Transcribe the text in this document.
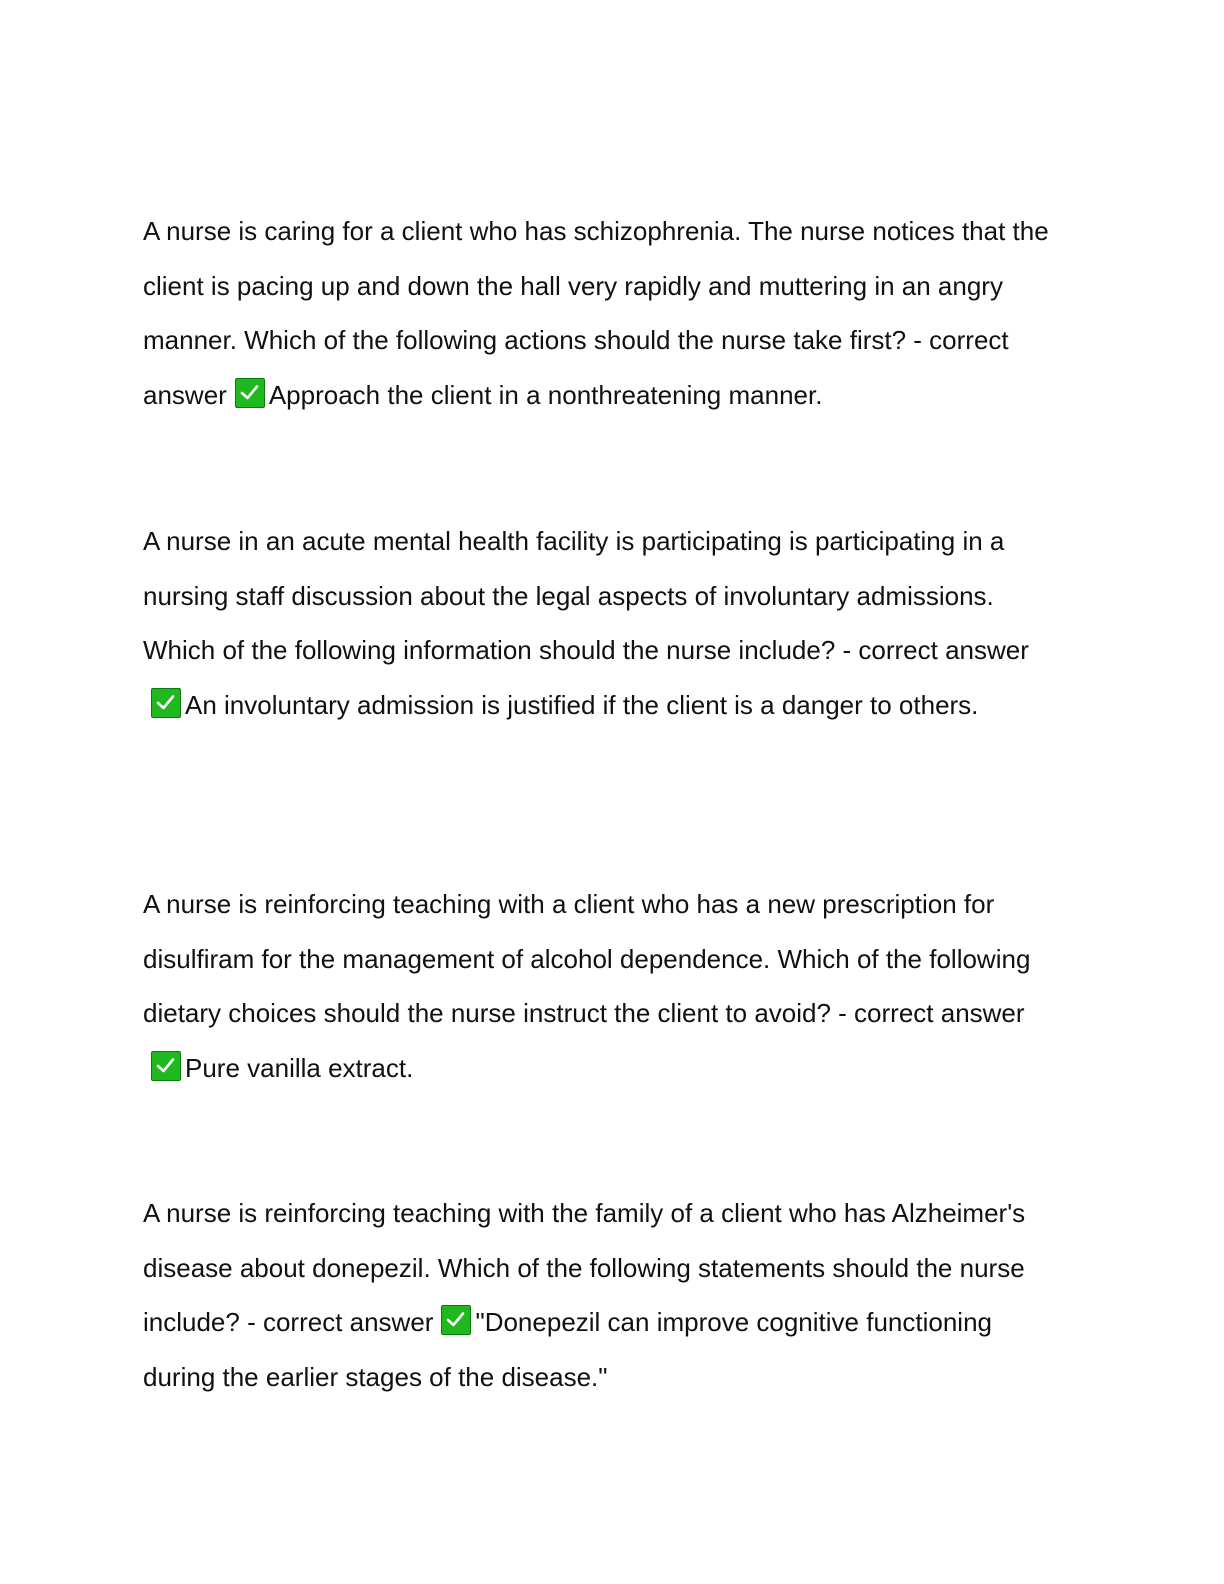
A nurse is caring for a client who has schizophrenia. The nurse notices that the client is pacing up and down the hall very rapidly and muttering in an angry manner. Which of the following actions should the nurse take first? - correct answer Approach the client in a nonthreatening manner.
A nurse in an acute mental health facility is participating is participating in a nursing staff discussion about the legal aspects of involuntary admissions. Which of the following information should the nurse include? - correct answer
An involuntary admission is justified if the client is a danger to others.
A nurse is reinforcing teaching with a client who has a new prescription for disulfiram for the management of alcohol dependence. Which of the following dietary choices should the nurse instruct the client to avoid? - correct answer
Pure vanilla extract.
A nurse is reinforcing teaching with the family of a client who has Alzheimer's disease about donepezil. Which of the following statements should the nurse include? - correct answer "Donepezil can improve cognitive functioning during the earlier stages of the disease."
